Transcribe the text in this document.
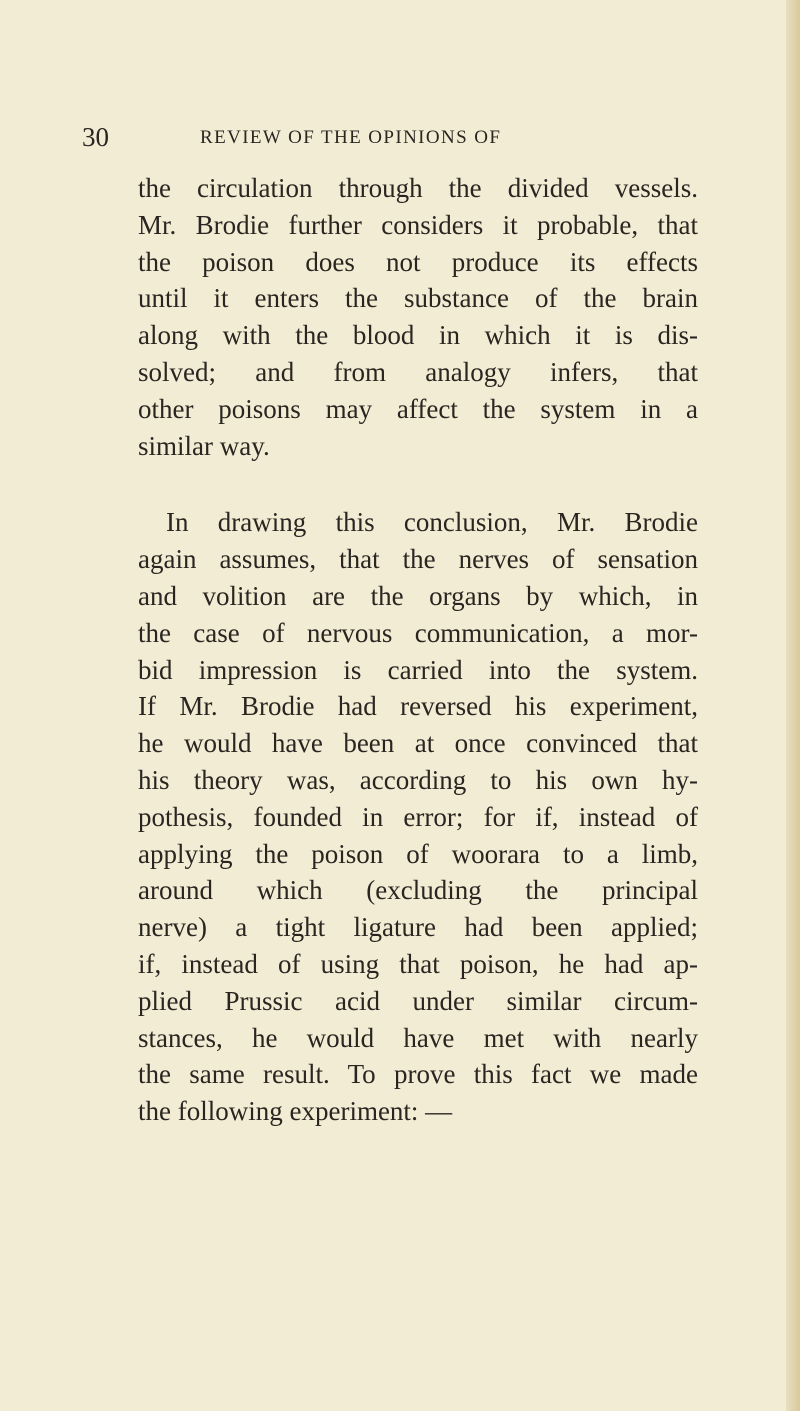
30	REVIEW OF THE OPINIONS OF
the circulation through the divided vessels.
Mr. Brodie further considers it probable, that
the poison does not produce its effects
until it enters the substance of the brain
along with the blood in which it is dis-
solved; and from analogy infers, that
other poisons may affect the system in a
similar way.
In drawing this conclusion, Mr. Brodie
again assumes, that the nerves of sensation
and volition are the organs by which, in
the case of nervous communication, a mor-
bid impression is carried into the system.
If Mr. Brodie had reversed his experiment,
he would have been at once convinced that
his theory was, according to his own hy-
pothesis, founded in error; for if, instead of
applying the poison of woorara to a limb,
around which (excluding the principal
nerve) a tight ligature had been applied;
if, instead of using that poison, he had ap-
plied Prussic acid under similar circum-
stances, he would have met with nearly
the same result. To prove this fact we made
the following experiment: —
